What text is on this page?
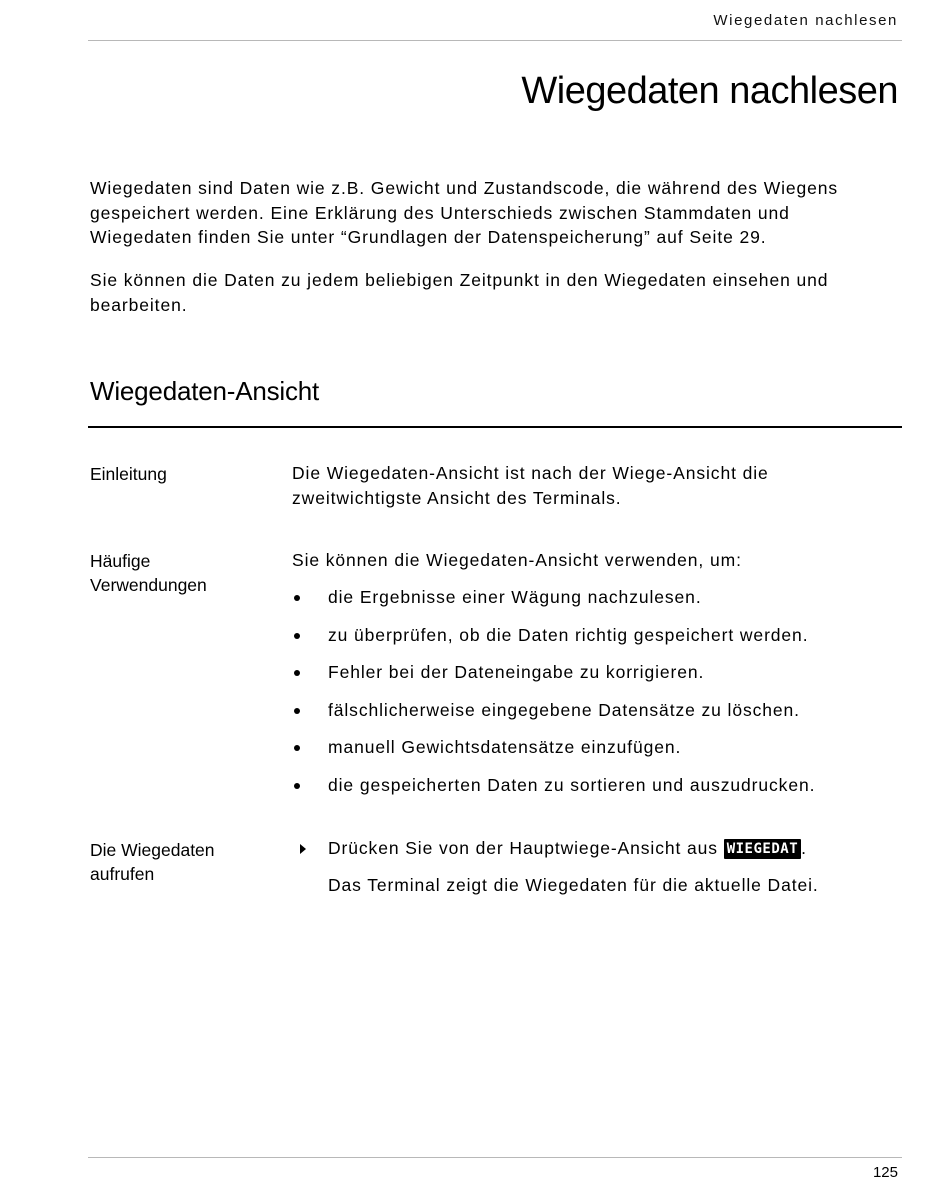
Wiegedaten nachlesen
Wiegedaten nachlesen

Wiegedaten sind Daten wie z.B. Gewicht und Zustandscode, die während des Wiegens gespeichert werden. Eine Erklärung des Unterschieds zwischen Stammdaten und Wiegedaten finden Sie unter “Grundlagen der Datenspeicherung” auf Seite 29.

Sie können die Daten zu jedem beliebigen Zeitpunkt in den Wiegedaten einsehen und bearbeiten.

Wiegedaten-Ansicht
Einleitung	Die Wiegedaten-Ansicht ist nach der Wiege-Ansicht die zweitwichtigste Ansicht des Terminals.
Häufige
Verwendungen
Sie können die Wiegedaten-Ansicht verwenden, um:
die Ergebnisse einer Wägung nachzulesen.
zu überprüfen, ob die Daten richtig gespeichert werden.
Fehler bei der Dateneingabe zu korrigieren.
fälschlicherweise eingegebene Datensätze zu löschen.
manuell Gewichtsdatensätze einzufügen.
die gespeicherten Daten zu sortieren und auszudrucken.
Die Wiegedaten
aufrufen
Drücken Sie von der Hauptwiege-Ansicht aus WIEGEDAT .
Das Terminal zeigt die Wiegedaten für die aktuelle Datei.
125
